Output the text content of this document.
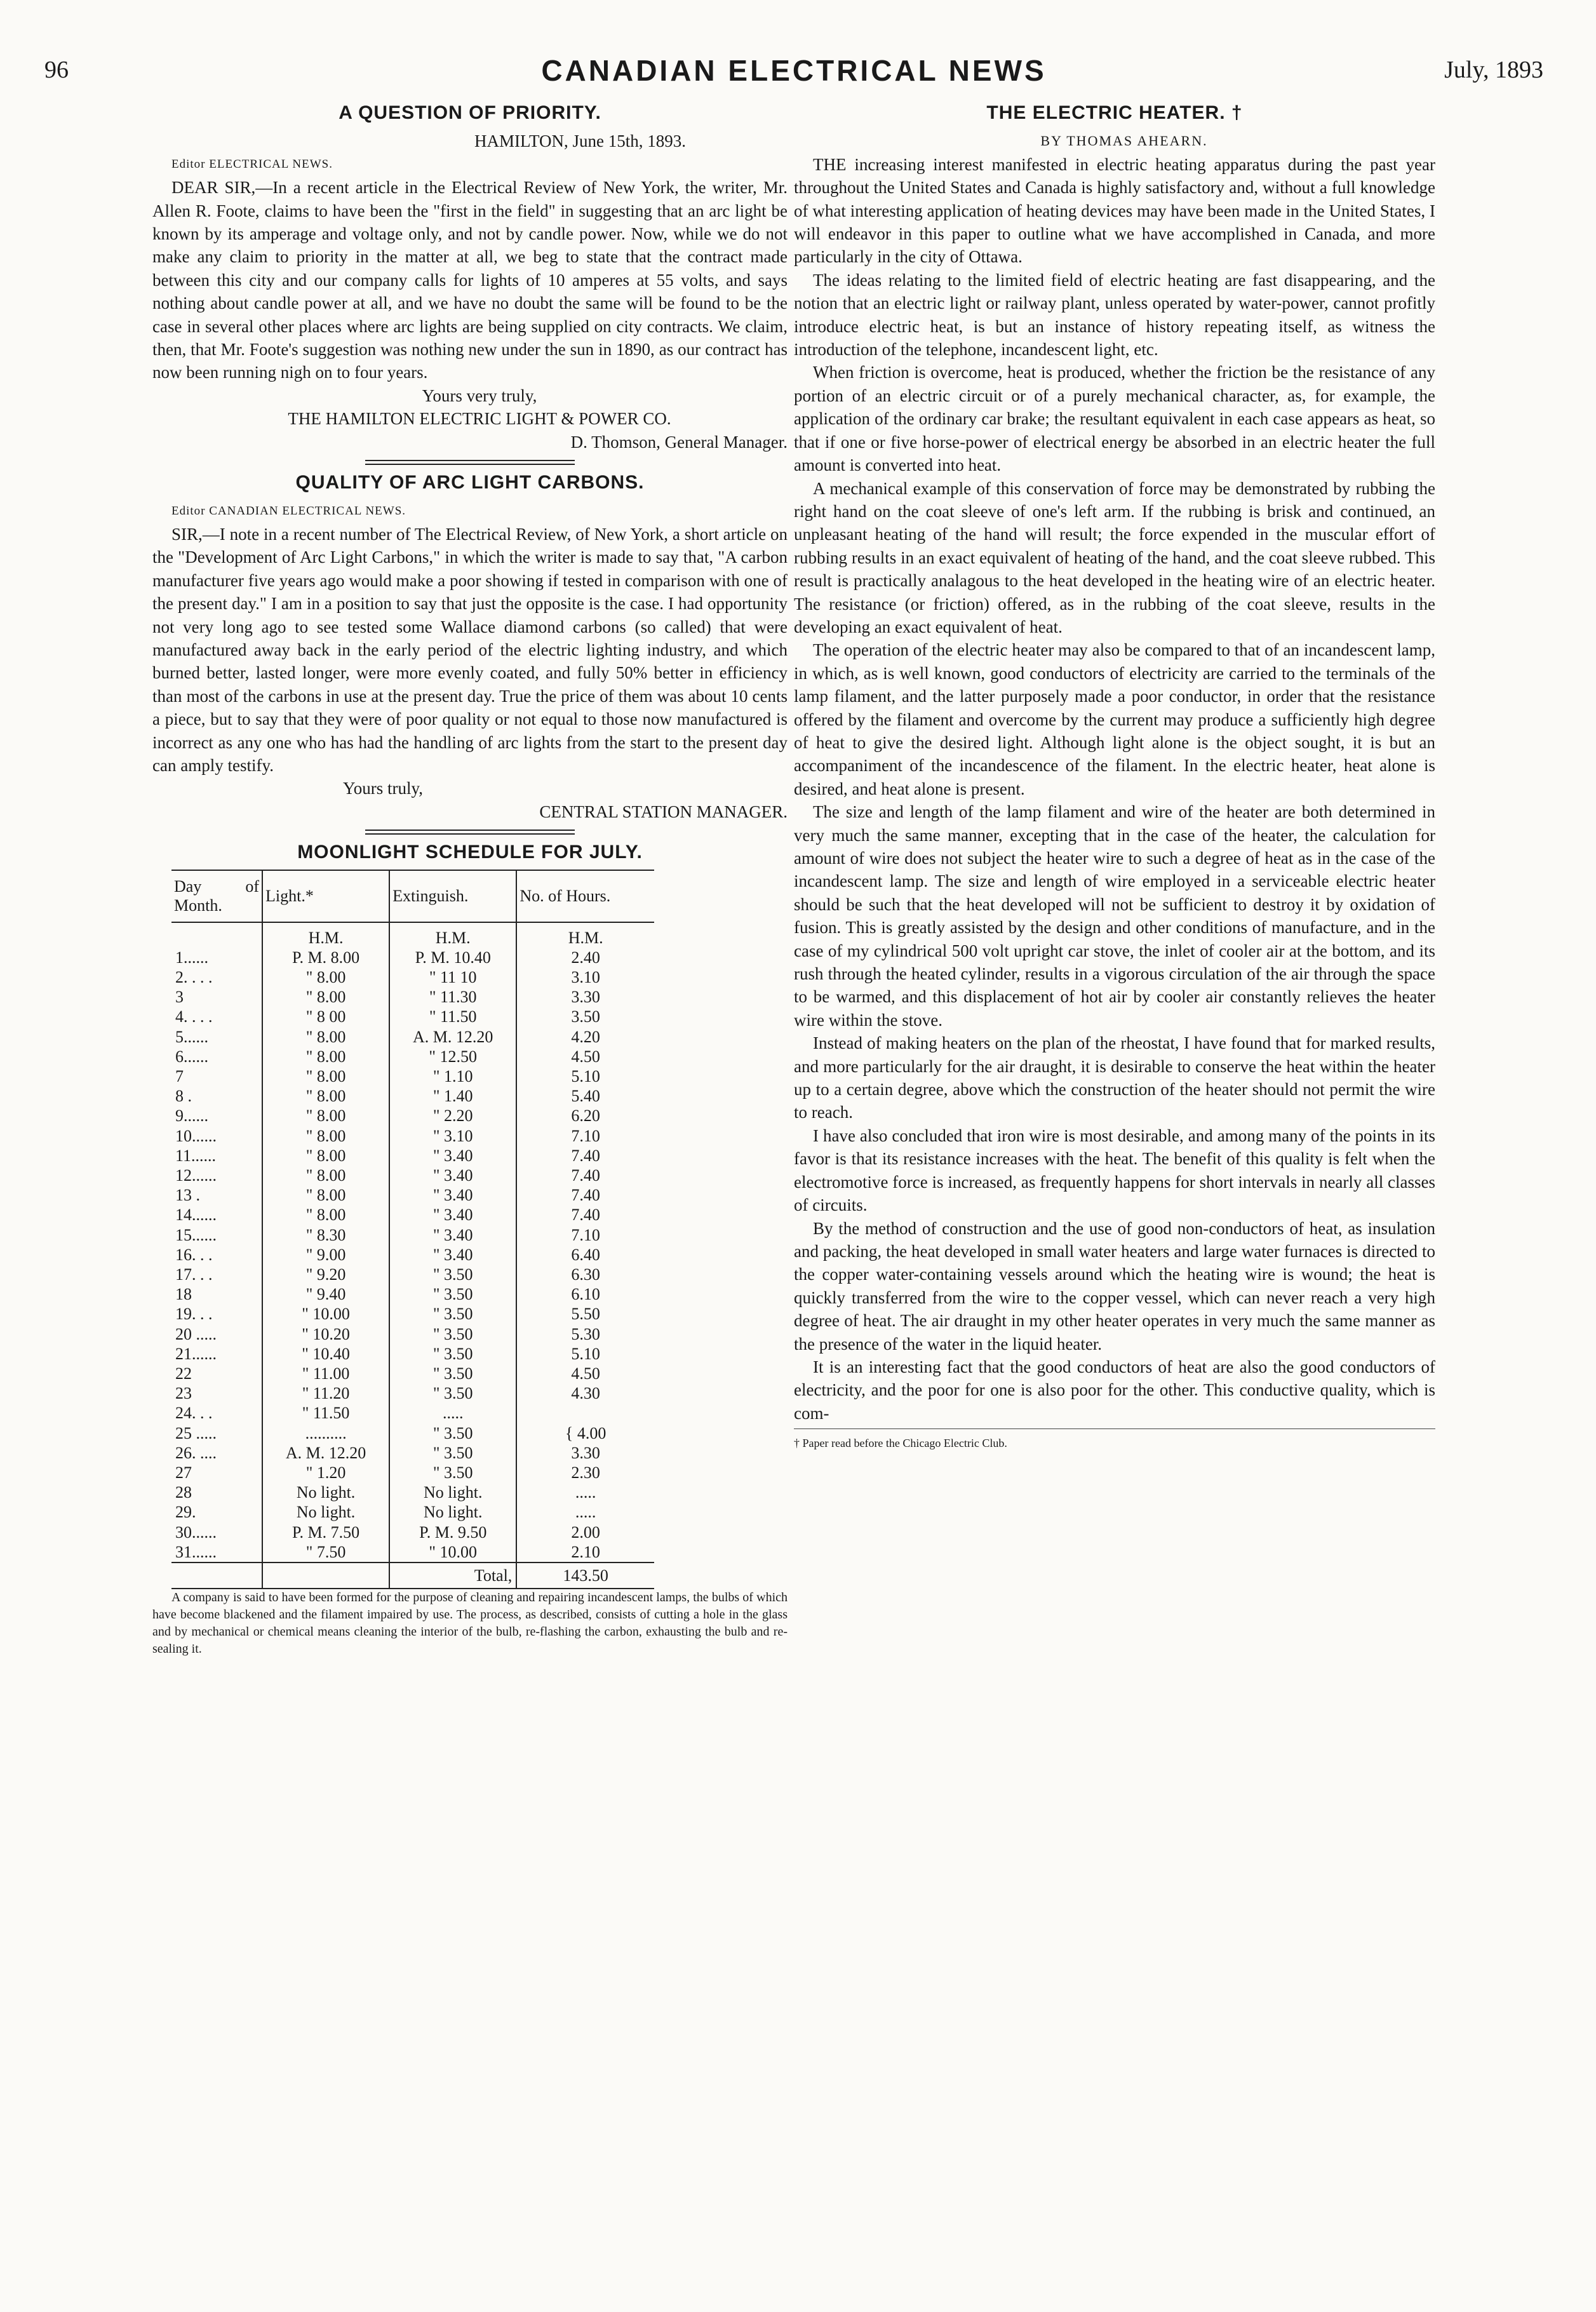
96	CANADIAN ELECTRICAL NEWS	July, 1893
A QUESTION OF PRIORITY.

HAMILTON, June 15th, 1893.

Editor ELECTRICAL NEWS.

DEAR SIR,—In a recent article in the Electrical Review of New York, the writer, Mr. Allen R. Foote, claims to have been the "first in the field" in suggesting that an arc light be known by its amperage and voltage only, and not by candle power. Now, while we do not make any claim to priority in the matter at all, we beg to state that the contract made between this city and our company calls for lights of 10 amperes at 55 volts, and says nothing about candle power at all, and we have no doubt the same will be found to be the case in several other places where arc lights are being supplied on city contracts. We claim, then, that Mr. Foote's suggestion was nothing new under the sun in 1890, as our contract has now been running nigh on to four years.

Yours very truly,

THE HAMILTON ELECTRIC LIGHT & POWER CO.

D. Thomson, General Manager.

QUALITY OF ARC LIGHT CARBONS.

Editor CANADIAN ELECTRICAL NEWS.

SIR,—I note in a recent number of The Electrical Review, of New York, a short article on the "Development of Arc Light Carbons," in which the writer is made to say that, "A carbon manufacturer five years ago would make a poor showing if tested in comparison with one of the present day." I am in a position to say that just the opposite is the case. I had opportunity not very long ago to see tested some Wallace diamond carbons (so called) that were manufactured away back in the early period of the electric lighting industry, and which burned better, lasted longer, were more evenly coated, and fully 50% better in efficiency than most of the carbons in use at the present day. True the price of them was about 10 cents a piece, but to say that they were of poor quality or not equal to those now manufactured is incorrect as any one who has had the handling of arc lights from the start to the present day can amply testify.

Yours truly,

CENTRAL STATION MANAGER.

MOONLIGHT SCHEDULE FOR JULY.
Day of Month.	Light.*	Extinguish.	No. of Hours.
	H.M.	H.M.	H.M.
1......	P. M. 8.00	P. M. 10.40	2.40
2. . . .	" 8.00	" 11 10	3.10
3	" 8.00	" 11.30	3.30
4. . . .	" 8 00	" 11.50	3.50
5......	" 8.00	A. M. 12.20	4.20
6......	" 8.00	" 12.50	4.50
7	" 8.00	" 1.10	5.10
8 .	" 8.00	" 1.40	5.40
9......	" 8.00	" 2.20	6.20
10......	" 8.00	" 3.10	7.10
11......	" 8.00	" 3.40	7.40
12......	" 8.00	" 3.40	7.40
13 .	" 8.00	" 3.40	7.40
14......	" 8.00	" 3.40	7.40
15......	" 8.30	" 3.40	7.10
16. . .	" 9.00	" 3.40	6.40
17. . .	" 9.20	" 3.50	6.30
18	" 9.40	" 3.50	6.10
19. . .	" 10.00	" 3.50	5.50
20 .....	" 10.20	" 3.50	5.30
21......	" 10.40	" 3.50	5.10
22	" 11.00	" 3.50	4.50
23	" 11.20	" 3.50	4.30
24. . .	" 11.50	.....	
25 .....	..........	" 3.50	{ 4.00
26. ....	A. M. 12.20	" 3.50	3.30
27	" 1.20	" 3.50	2.30
28	No light.	No light.	.....
29.	No light.	No light.	.....
30......	P. M. 7.50	P. M. 9.50	2.00
31......	" 7.50	" 10.00	2.10
		Total,	143.50

A company is said to have been formed for the purpose of cleaning and repairing incandescent lamps, the bulbs of which have become blackened and the filament impaired by use. The process, as described, consists of cutting a hole in the glass and by mechanical or chemical means cleaning the interior of the bulb, re-flashing the carbon, exhausting the bulb and re-sealing it.

THE ELECTRIC HEATER. †

BY THOMAS AHEARN.

THE increasing interest manifested in electric heating apparatus during the past year throughout the United States and Canada is highly satisfactory and, without a full knowledge of what interesting application of heating devices may have been made in the United States, I will endeavor in this paper to outline what we have accomplished in Canada, and more particularly in the city of Ottawa.

The ideas relating to the limited field of electric heating are fast disappearing, and the notion that an electric light or railway plant, unless operated by water-power, cannot profitly introduce electric heat, is but an instance of history repeating itself, as witness the introduction of the telephone, incandescent light, etc.

When friction is overcome, heat is produced, whether the friction be the resistance of any portion of an electric circuit or of a purely mechanical character, as, for example, the application of the ordinary car brake; the resultant equivalent in each case appears as heat, so that if one or five horse-power of electrical energy be absorbed in an electric heater the full amount is converted into heat.

A mechanical example of this conservation of force may be demonstrated by rubbing the right hand on the coat sleeve of one's left arm. If the rubbing is brisk and continued, an unpleasant heating of the hand will result; the force expended in the muscular effort of rubbing results in an exact equivalent of heating of the hand, and the coat sleeve rubbed. This result is practically analagous to the heat developed in the heating wire of an electric heater. The resistance (or friction) offered, as in the rubbing of the coat sleeve, results in the developing an exact equivalent of heat.

The operation of the electric heater may also be compared to that of an incandescent lamp, in which, as is well known, good conductors of electricity are carried to the terminals of the lamp filament, and the latter purposely made a poor conductor, in order that the resistance offered by the filament and overcome by the current may produce a sufficiently high degree of heat to give the desired light. Although light alone is the object sought, it is but an accompaniment of the incandescence of the filament. In the electric heater, heat alone is desired, and heat alone is present.

The size and length of the lamp filament and wire of the heater are both determined in very much the same manner, excepting that in the case of the heater, the calculation for amount of wire does not subject the heater wire to such a degree of heat as in the case of the incandescent lamp. The size and length of wire employed in a serviceable electric heater should be such that the heat developed will not be sufficient to destroy it by oxidation of fusion. This is greatly assisted by the design and other conditions of manufacture, and in the case of my cylindrical 500 volt upright car stove, the inlet of cooler air at the bottom, and its rush through the heated cylinder, results in a vigorous circulation of the air through the space to be warmed, and this displacement of hot air by cooler air constantly relieves the heater wire within the stove.

Instead of making heaters on the plan of the rheostat, I have found that for marked results, and more particularly for the air draught, it is desirable to conserve the heat within the heater up to a certain degree, above which the construction of the heater should not permit the wire to reach.

I have also concluded that iron wire is most desirable, and among many of the points in its favor is that its resistance increases with the heat. The benefit of this quality is felt when the electromotive force is increased, as frequently happens for short intervals in nearly all classes of circuits.

By the method of construction and the use of good non-conductors of heat, as insulation and packing, the heat developed in small water heaters and large water furnaces is directed to the copper water-containing vessels around which the heating wire is wound; the heat is quickly transferred from the wire to the copper vessel, which can never reach a very high degree of heat. The air draught in my other heater operates in very much the same manner as the presence of the water in the liquid heater.

It is an interesting fact that the good conductors of heat are also the good conductors of electricity, and the poor for one is also poor for the other. This conductive quality, which is com-

† Paper read before the Chicago Electric Club.
